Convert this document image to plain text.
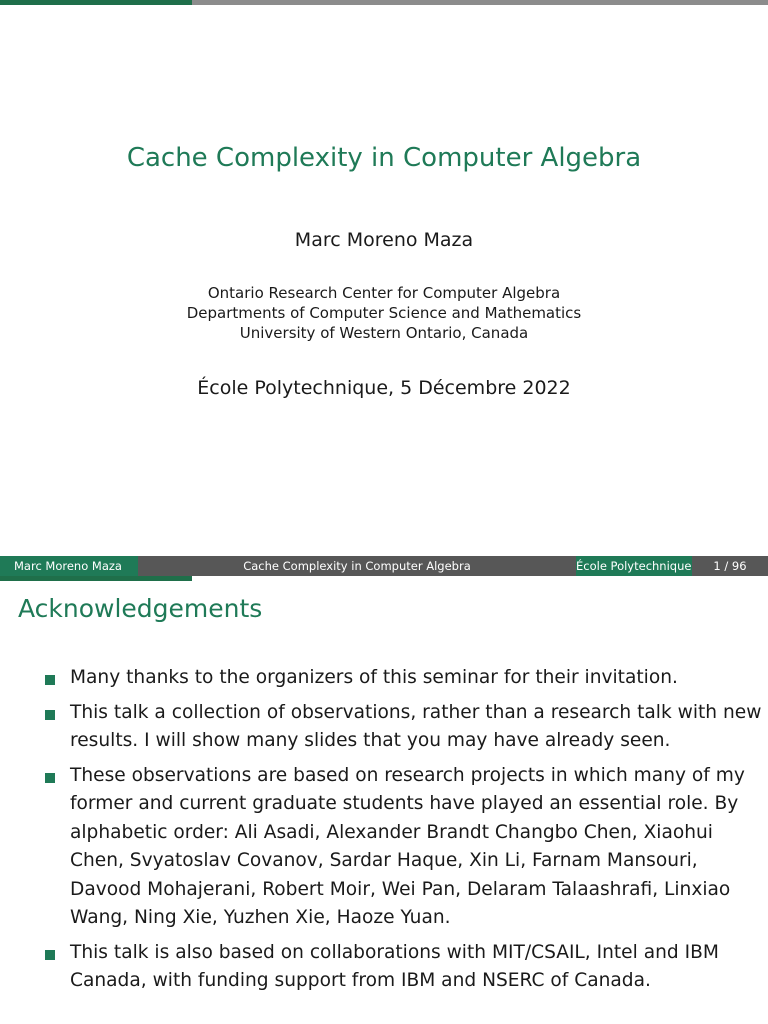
Cache Complexity in Computer Algebra
Marc Moreno Maza
Ontario Research Center for Computer Algebra
Departments of Computer Science and Mathematics
University of Western Ontario, Canada
École Polytechnique, 5 Décembre 2022
Marc Moreno Maza	Cache Complexity in Computer Algebra	École Polytechnique	1 / 96
Acknowledgements
Many thanks to the organizers of this seminar for their invitation.
This talk a collection of observations, rather than a research talk with new results. I will show many slides that you may have already seen.
These observations are based on research projects in which many of my former and current graduate students have played an essential role. By alphabetic order: Ali Asadi, Alexander Brandt Changbo Chen, Xiaohui Chen, Svyatoslav Covanov, Sardar Haque, Xin Li, Farnam Mansouri, Davood Mohajerani, Robert Moir, Wei Pan, Delaram Talaashrafi, Linxiao Wang, Ning Xie, Yuzhen Xie, Haoze Yuan.
This talk is also based on collaborations with MIT/CSAIL, Intel and IBM Canada, with funding support from IBM and NSERC of Canada.
